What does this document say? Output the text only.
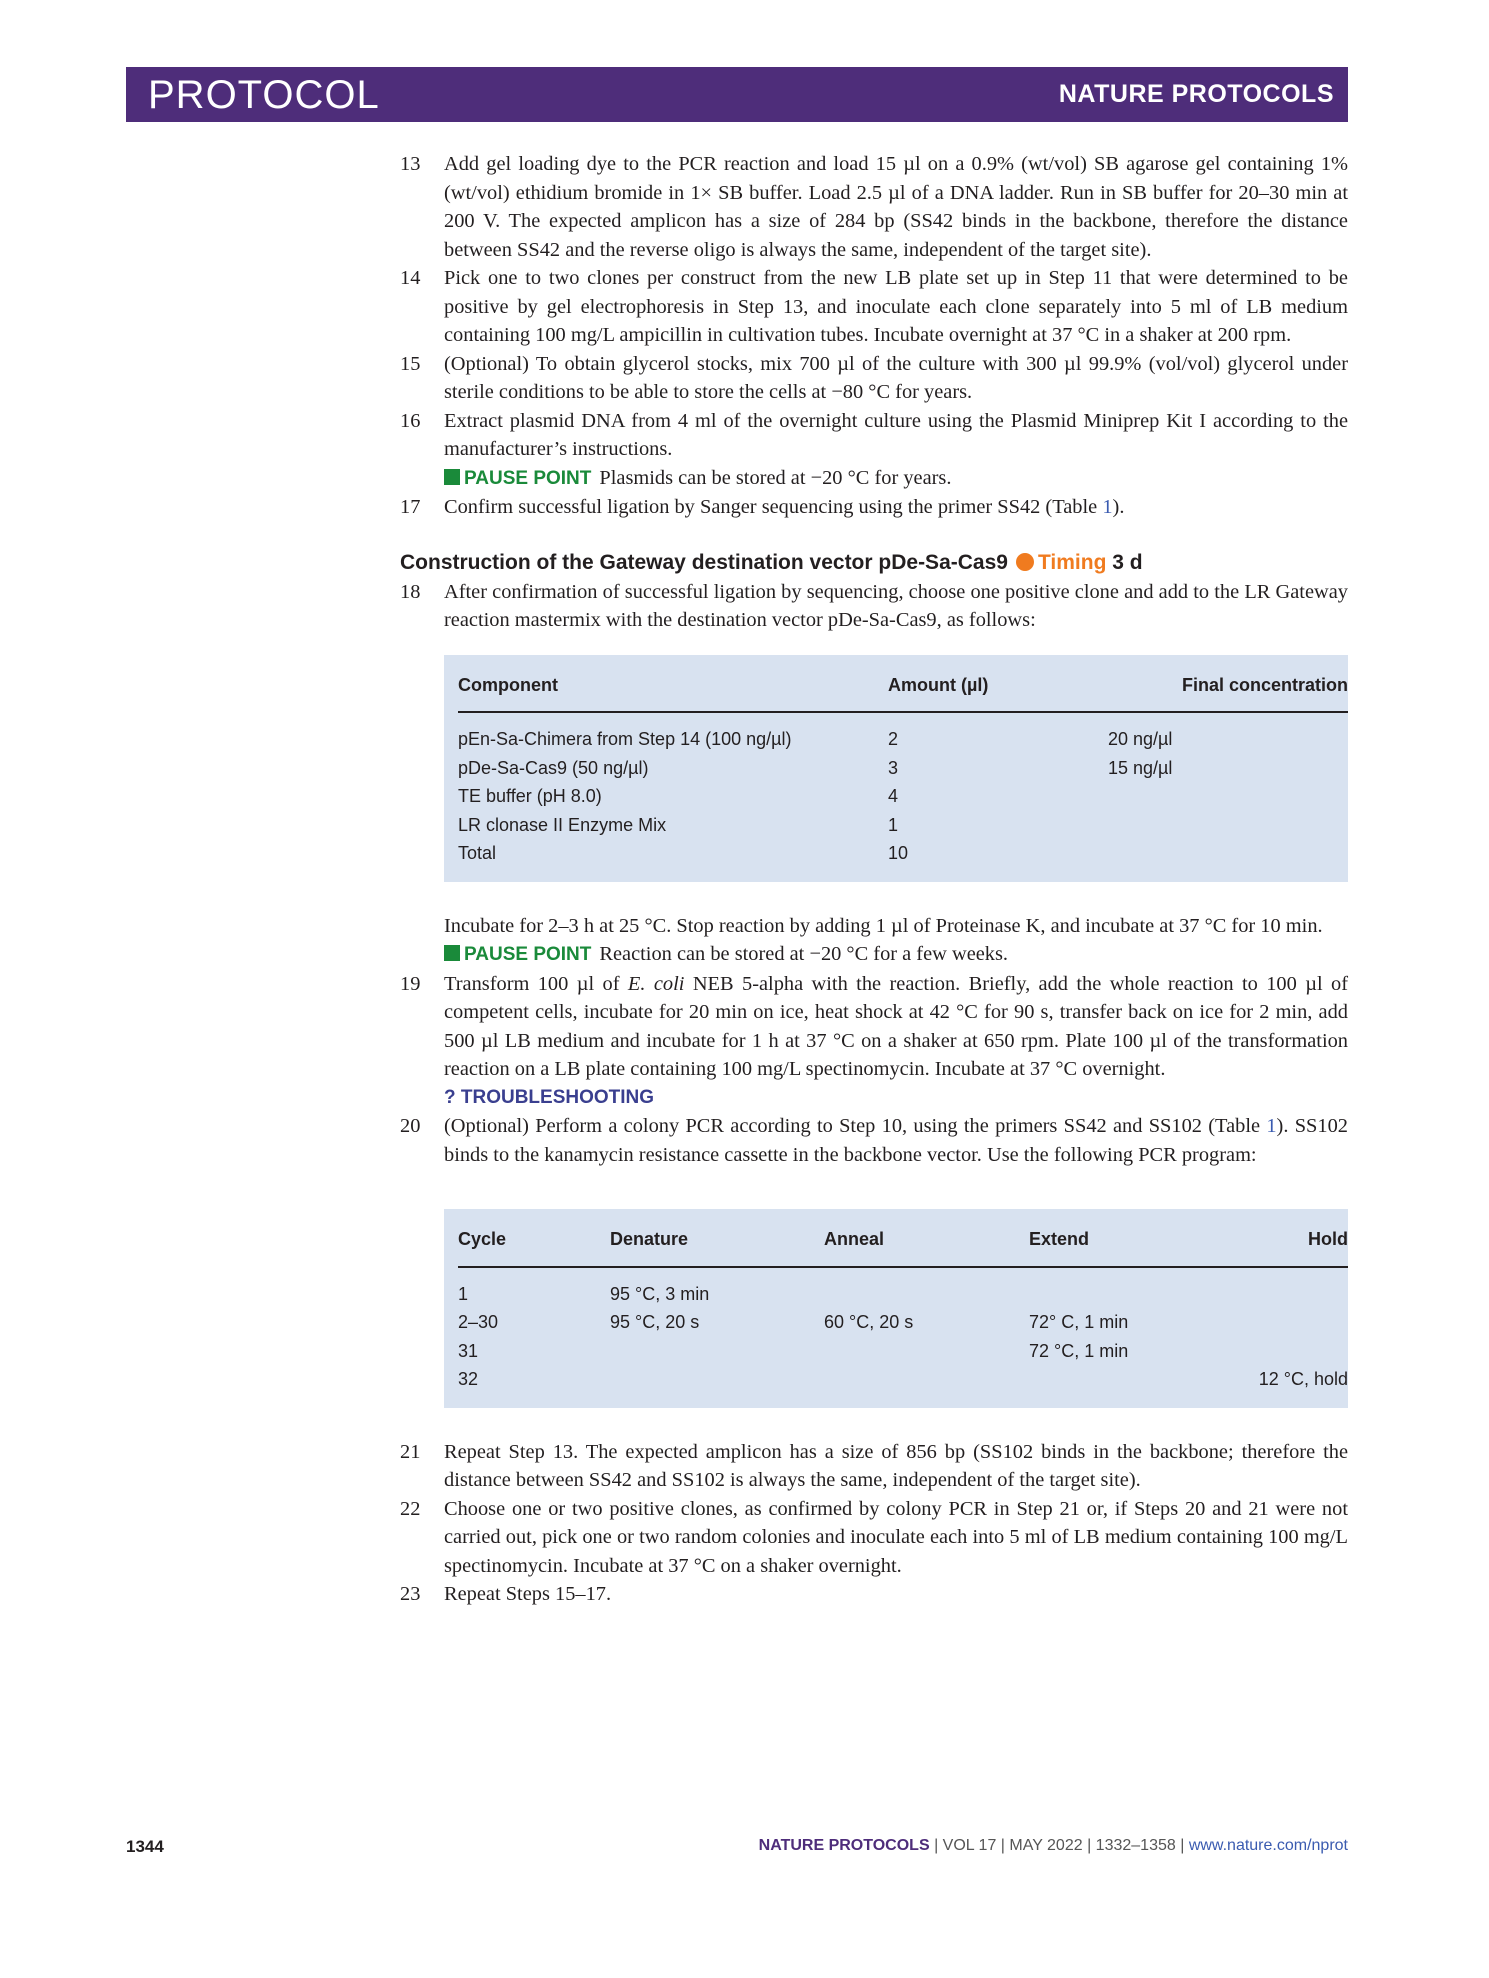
PROTOCOL	NATURE PROTOCOLS
13 Add gel loading dye to the PCR reaction and load 15 µl on a 0.9% (wt/vol) SB agarose gel containing 1% (wt/vol) ethidium bromide in 1× SB buffer. Load 2.5 µl of a DNA ladder. Run in SB buffer for 20–30 min at 200 V. The expected amplicon has a size of 284 bp (SS42 binds in the backbone, therefore the distance between SS42 and the reverse oligo is always the same, independent of the target site).
14 Pick one to two clones per construct from the new LB plate set up in Step 11 that were determined to be positive by gel electrophoresis in Step 13, and inoculate each clone separately into 5 ml of LB medium containing 100 mg/L ampicillin in cultivation tubes. Incubate overnight at 37 °C in a shaker at 200 rpm.
15 (Optional) To obtain glycerol stocks, mix 700 µl of the culture with 300 µl 99.9% (vol/vol) glycerol under sterile conditions to be able to store the cells at −80 °C for years.
16 Extract plasmid DNA from 4 ml of the overnight culture using the Plasmid Miniprep Kit I according to the manufacturer’s instructions.
PAUSE POINT Plasmids can be stored at −20 °C for years.
17 Confirm successful ligation by Sanger sequencing using the primer SS42 (Table 1).
Construction of the Gateway destination vector pDe-Sa-Cas9 Timing 3 d
18 After confirmation of successful ligation by sequencing, choose one positive clone and add to the LR Gateway reaction mastermix with the destination vector pDe-Sa-Cas9, as follows:
Component	Amount (µl)	Final concentration
pEn-Sa-Chimera from Step 14 (100 ng/µl)	2	20 ng/µl
pDe-Sa-Cas9 (50 ng/µl)	3	15 ng/µl
TE buffer (pH 8.0)	4	
LR clonase II Enzyme Mix	1	
Total	10	
Incubate for 2–3 h at 25 °C. Stop reaction by adding 1 µl of Proteinase K, and incubate at 37 °C for 10 min.
PAUSE POINT Reaction can be stored at −20 °C for a few weeks.
19 Transform 100 µl of E. coli NEB 5-alpha with the reaction. Briefly, add the whole reaction to 100 µl of competent cells, incubate for 20 min on ice, heat shock at 42 °C for 90 s, transfer back on ice for 2 min, add 500 µl LB medium and incubate for 1 h at 37 °C on a shaker at 650 rpm. Plate 100 µl of the transformation reaction on a LB plate containing 100 mg/L spectinomycin. Incubate at 37 °C overnight.
? TROUBLESHOOTING
20 (Optional) Perform a colony PCR according to Step 10, using the primers SS42 and SS102 (Table 1). SS102 binds to the kanamycin resistance cassette in the backbone vector. Use the following PCR program:
Cycle	Denature	Anneal	Extend	Hold
1	95 °C, 3 min			
2–30	95 °C, 20 s	60 °C, 20 s	72° C, 1 min	
31			72 °C, 1 min	
32				12 °C, hold
21 Repeat Step 13. The expected amplicon has a size of 856 bp (SS102 binds in the backbone; therefore the distance between SS42 and SS102 is always the same, independent of the target site).
22 Choose one or two positive clones, as confirmed by colony PCR in Step 21 or, if Steps 20 and 21 were not carried out, pick one or two random colonies and inoculate each into 5 ml of LB medium containing 100 mg/L spectinomycin. Incubate at 37 °C on a shaker overnight.
23 Repeat Steps 15–17.
1344	NATURE PROTOCOLS | VOL 17 | MAY 2022 | 1332–1358 | www.nature.com/nprot
